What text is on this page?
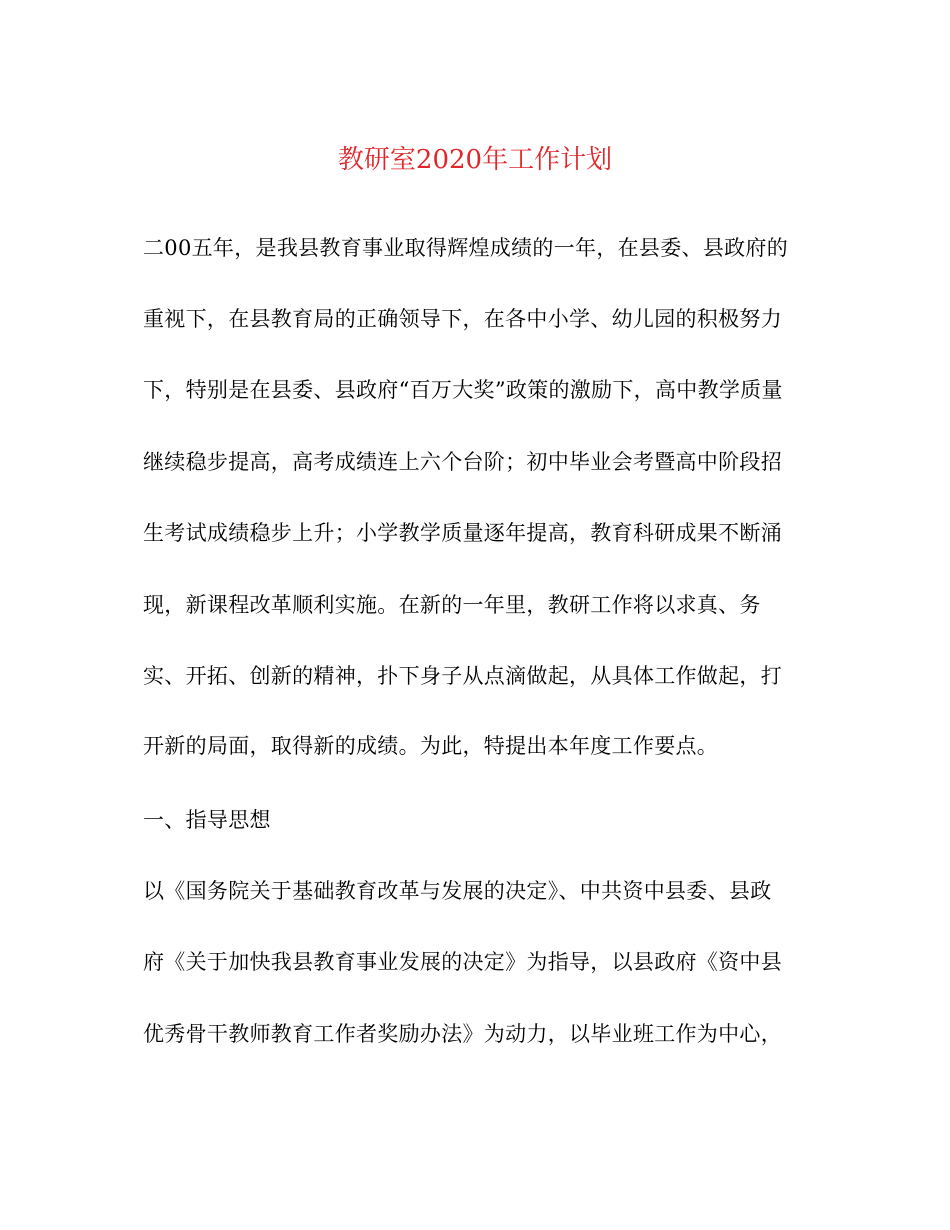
教研室2020年工作计划
二00五年，是我县教育事业取得辉煌成绩的一年，在县委、县政府的
重视下，在县教育局的正确领导下，在各中小学、幼儿园的积极努力
下，特别是在县委、县政府“百万大奖”政策的激励下，高中教学质量
继续稳步提高，高考成绩连上六个台阶；初中毕业会考暨高中阶段招
生考试成绩稳步上升；小学教学质量逐年提高，教育科研成果不断涌
现，新课程改革顺利实施。在新的一年里，教研工作将以求真、务
实、开拓、创新的精神，扑下身子从点滴做起，从具体工作做起，打
开新的局面，取得新的成绩。为此，特提出本年度工作要点。
一、指导思想
以《国务院关于基础教育改革与发展的决定》、中共资中县委、县政
府《关于加快我县教育事业发展的决定》为指导，以县政府《资中县
优秀骨干教师教育工作者奖励办法》为动力，以毕业班工作为中心，
